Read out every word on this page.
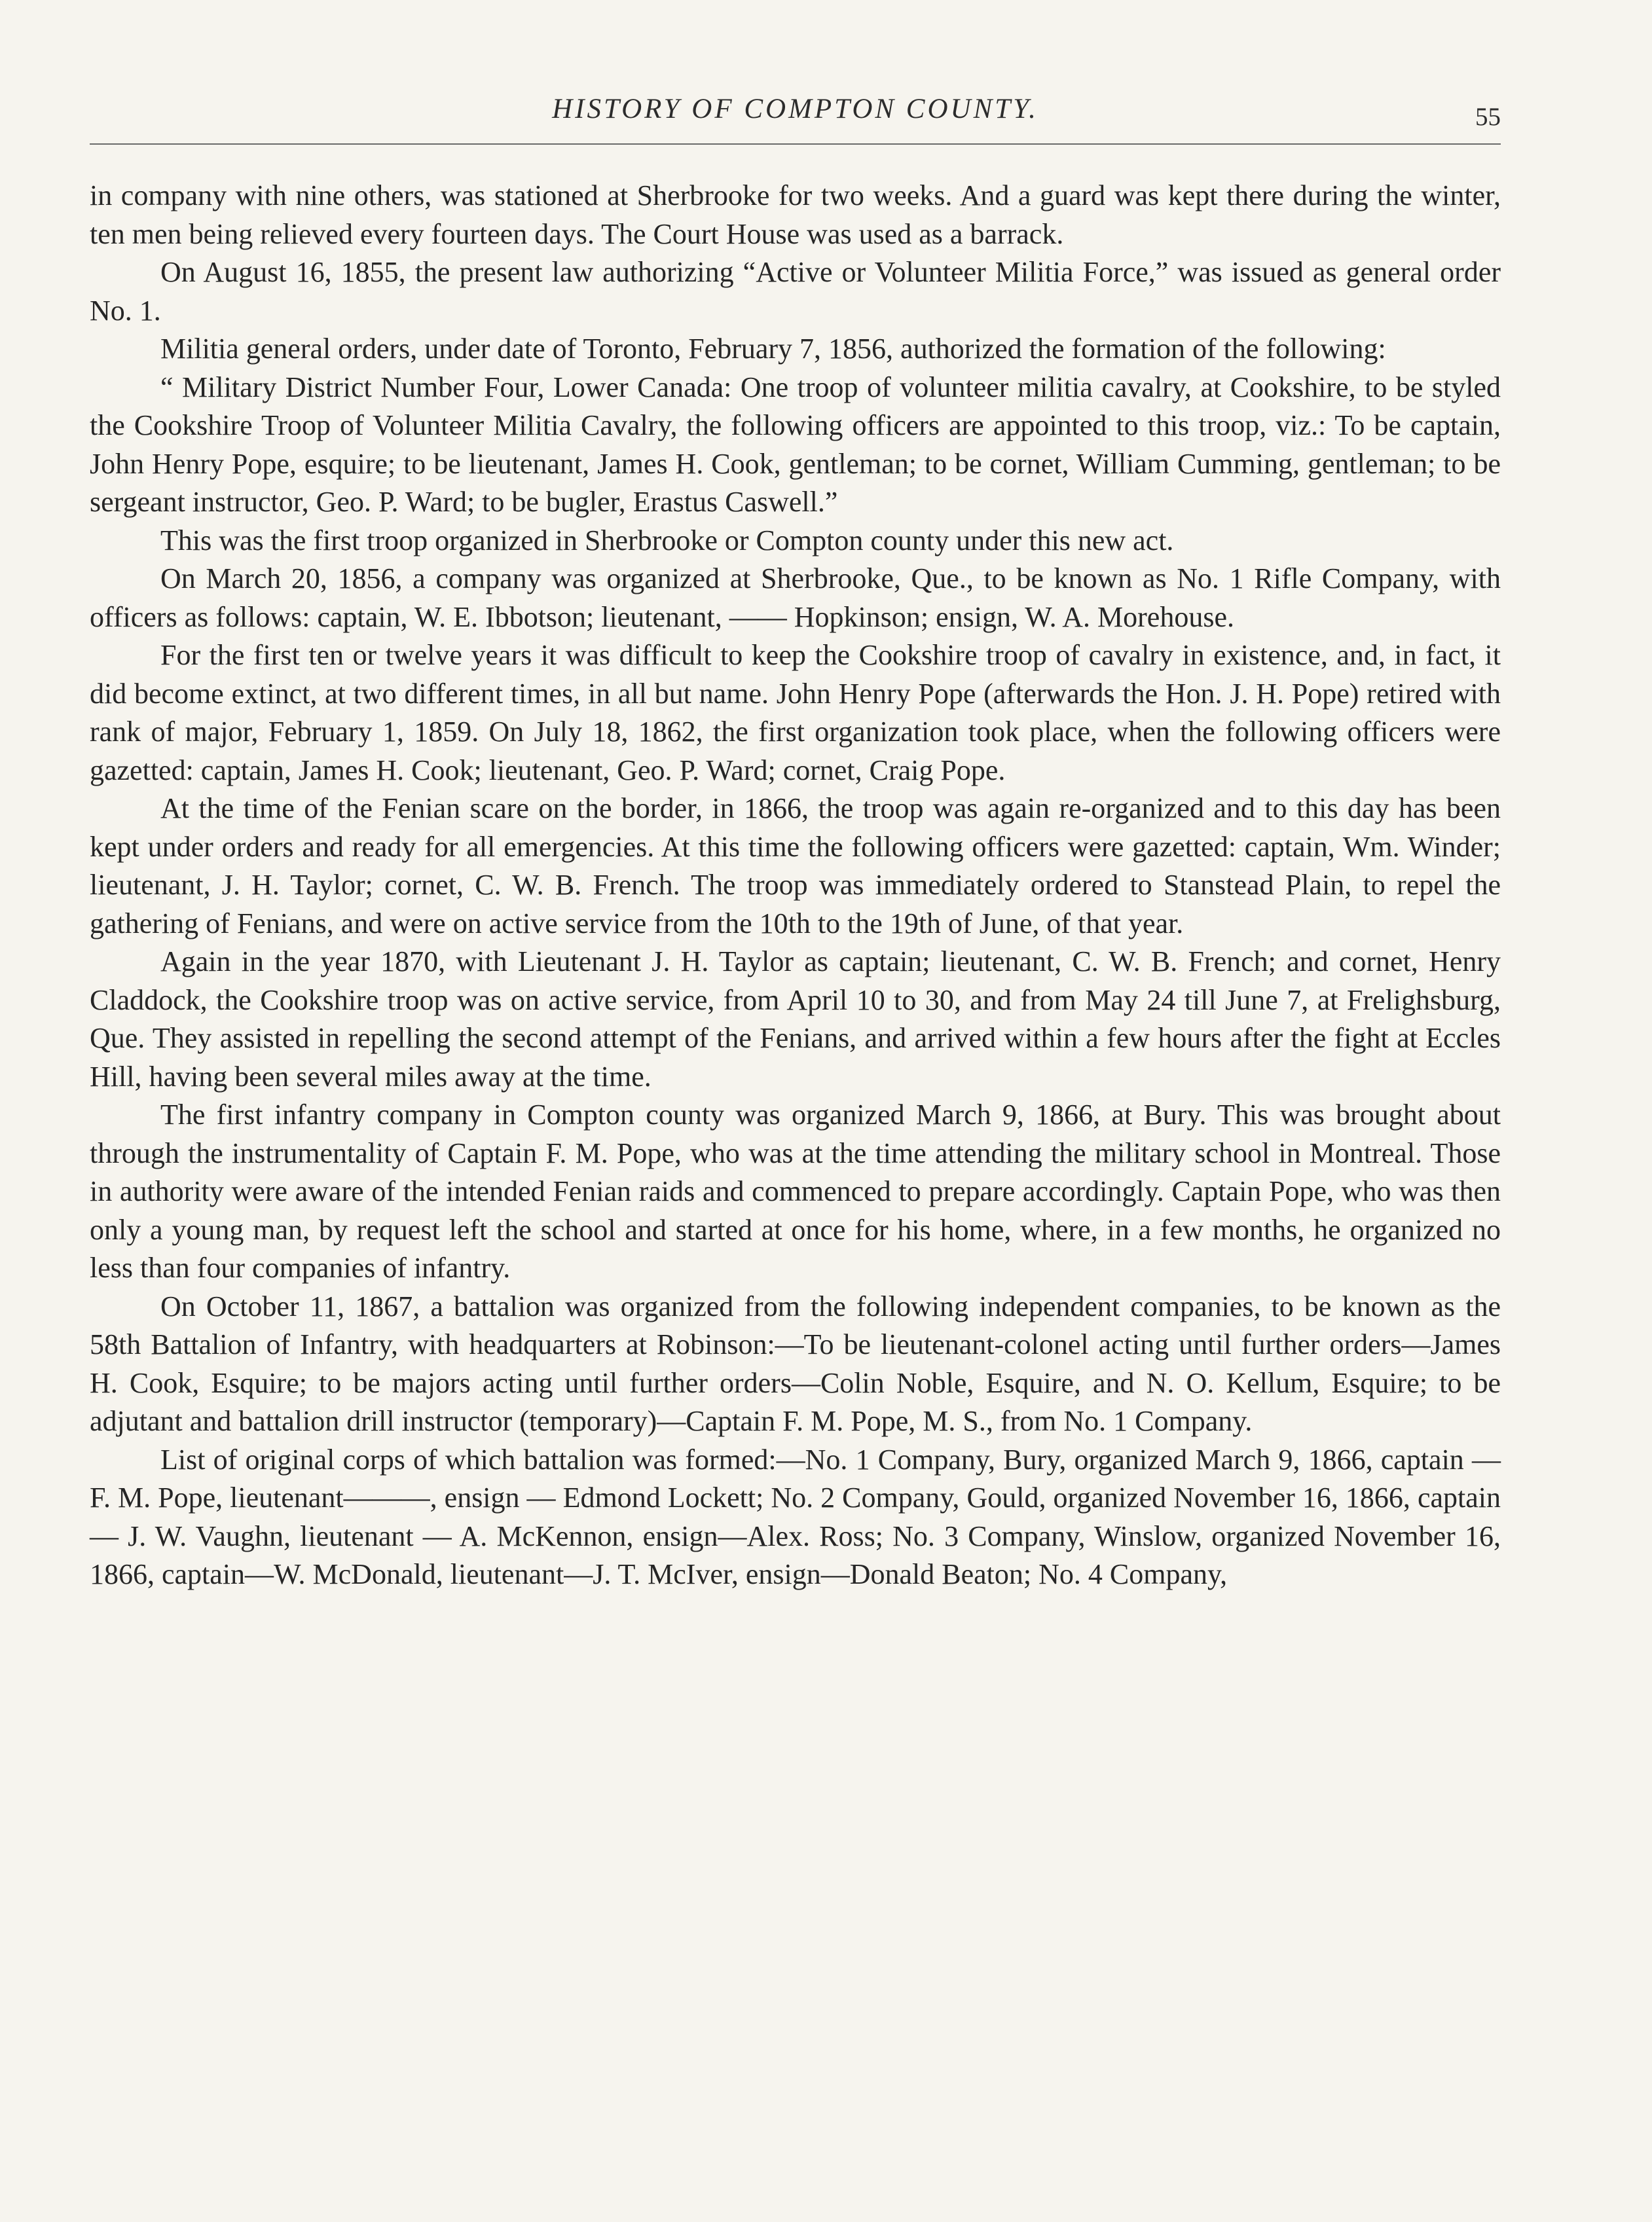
HISTORY OF COMPTON COUNTY.	55

in company with nine others, was stationed at Sherbrooke for two weeks. And a guard was kept there during the winter, ten men being relieved every fourteen days. The Court House was used as a barrack.

On August 16, 1855, the present law authorizing “Active or Volunteer Militia Force,” was issued as general order No. 1.

Militia general orders, under date of Toronto, February 7, 1856, authorized the formation of the following:

“ Military District Number Four, Lower Canada: One troop of volunteer militia cavalry, at Cookshire, to be styled the Cookshire Troop of Volunteer Militia Cavalry, the following officers are appointed to this troop, viz.: To be captain, John Henry Pope, esquire; to be lieutenant, James H. Cook, gentleman; to be cornet, William Cumming, gentleman; to be sergeant instructor, Geo. P. Ward; to be bugler, Erastus Caswell.”

This was the first troop organized in Sherbrooke or Compton county under this new act.

On March 20, 1856, a company was organized at Sherbrooke, Que., to be known as No. 1 Rifle Company, with officers as follows: captain, W. E. Ibbotson; lieutenant, —— Hopkinson; ensign, W. A. Morehouse.

For the first ten or twelve years it was difficult to keep the Cookshire troop of cavalry in existence, and, in fact, it did become extinct, at two different times, in all but name. John Henry Pope (afterwards the Hon. J. H. Pope) retired with rank of major, February 1, 1859. On July 18, 1862, the first organization took place, when the following officers were gazetted: captain, James H. Cook; lieutenant, Geo. P. Ward; cornet, Craig Pope.

At the time of the Fenian scare on the border, in 1866, the troop was again re-organized and to this day has been kept under orders and ready for all emergencies. At this time the following officers were gazetted: captain, Wm. Winder; lieutenant, J. H. Taylor; cornet, C. W. B. French. The troop was immediately ordered to Stanstead Plain, to repel the gathering of Fenians, and were on active service from the 10th to the 19th of June, of that year.

Again in the year 1870, with Lieutenant J. H. Taylor as captain; lieutenant, C. W. B. French; and cornet, Henry Claddock, the Cookshire troop was on active service, from April 10 to 30, and from May 24 till June 7, at Frelighsburg, Que. They assisted in repelling the second attempt of the Fenians, and arrived within a few hours after the fight at Eccles Hill, having been several miles away at the time.

The first infantry company in Compton county was organized March 9, 1866, at Bury. This was brought about through the instrumentality of Captain F. M. Pope, who was at the time attending the military school in Montreal. Those in authority were aware of the intended Fenian raids and commenced to prepare accordingly. Captain Pope, who was then only a young man, by request left the school and started at once for his home, where, in a few months, he organized no less than four companies of infantry.

On October 11, 1867, a battalion was organized from the following independent companies, to be known as the 58th Battalion of Infantry, with headquarters at Robinson:—To be lieutenant-colonel acting until further orders—James H. Cook, Esquire; to be majors acting until further orders—Colin Noble, Esquire, and N. O. Kellum, Esquire; to be adjutant and battalion drill instructor (temporary)—Captain F. M. Pope, M. S., from No. 1 Company.

List of original corps of which battalion was formed:—No. 1 Company, Bury, organized March 9, 1866, captain — F. M. Pope, lieutenant———, ensign — Edmond Lockett; No. 2 Company, Gould, organized November 16, 1866, captain — J. W. Vaughn, lieutenant — A. McKennon, ensign—Alex. Ross; No. 3 Company, Winslow, organized November 16, 1866, captain—W. McDonald, lieutenant—J. T. McIver, ensign—Donald Beaton; No. 4 Company,
